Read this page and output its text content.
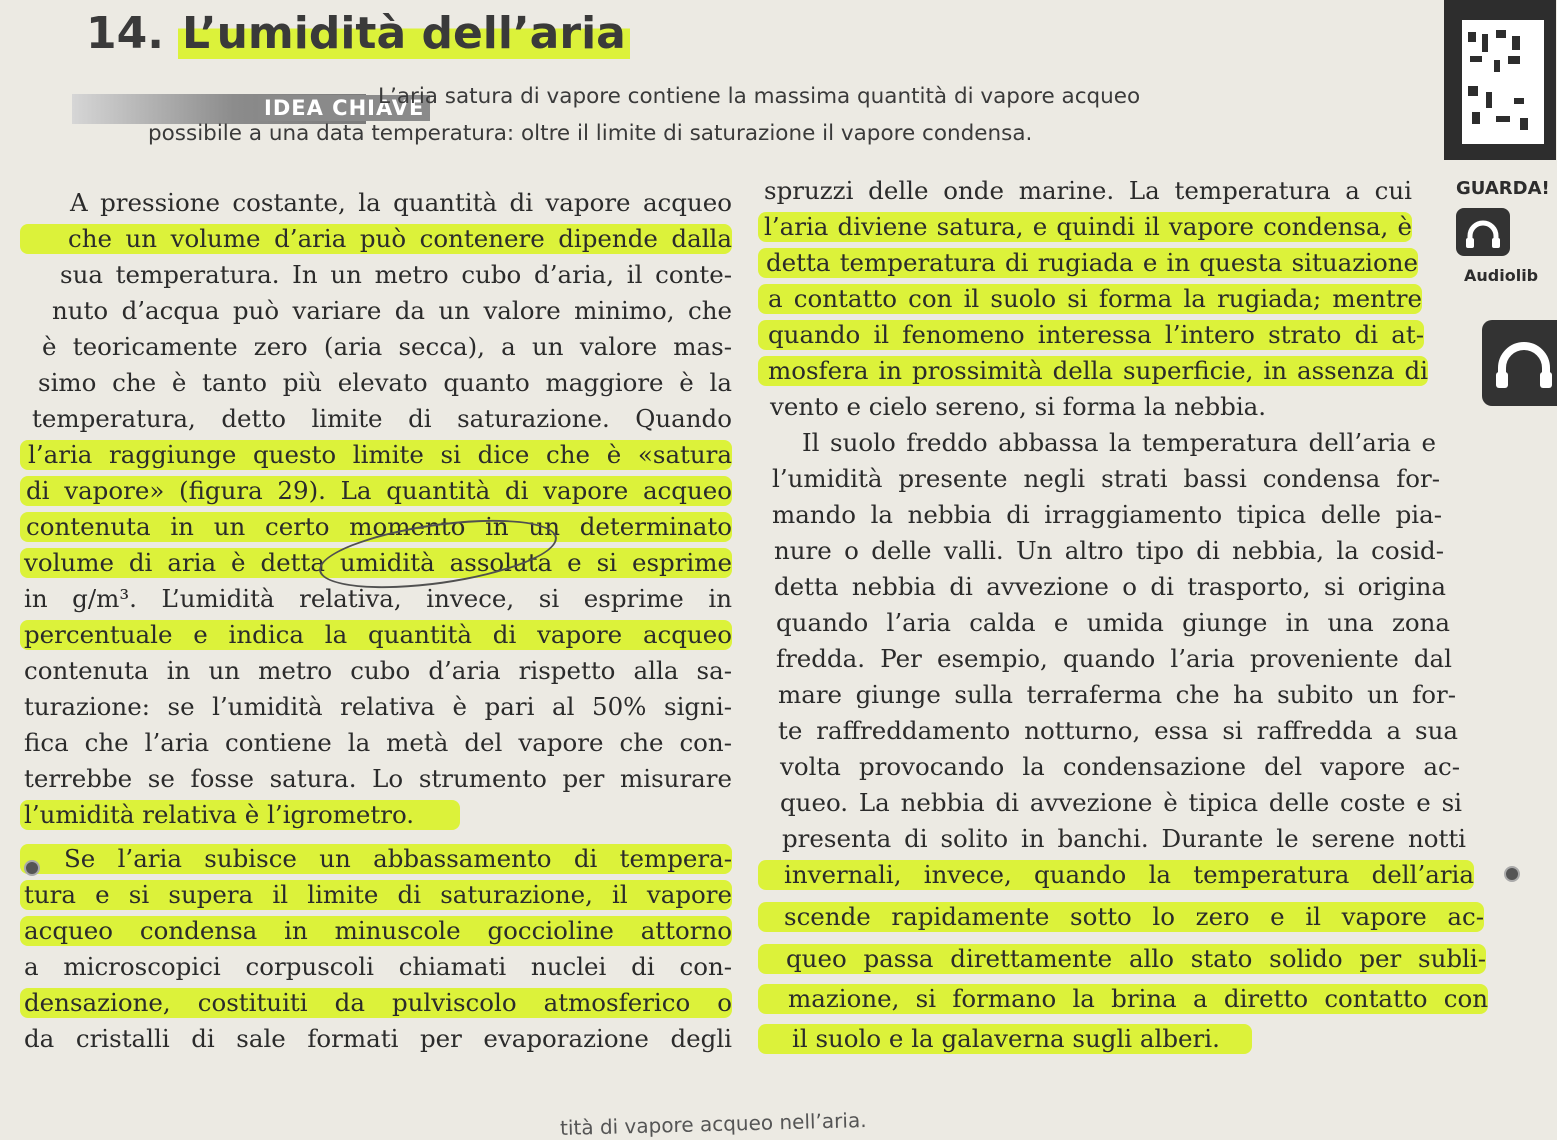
14. L’umidità dell’aria
IDEA CHIAVE
L’aria satura di vapore contiene la massima quantità di vapore acqueo
possibile a una data temperatura: oltre il limite di saturazione il vapore condensa.
GUARDA!
Audiolib
A pressione costante, la quantità di vapore acqueo
che un volume d’aria può contenere dipende dalla
sua temperatura. In un metro cubo d’aria, il conte-
nuto d’acqua può variare da un valore minimo, che
è teoricamente zero (aria secca), a un valore mas-
simo che è tanto più elevato quanto maggiore è la
temperatura, detto limite di saturazione. Quando
l’aria raggiunge questo limite si dice che è «satura
di vapore» (figura 29). La quantità di vapore acqueo
contenuta in un certo momento in un determinato
volume di aria è detta umidità assoluta e si esprime
in g/m³. L’umidità relativa, invece, si esprime in
percentuale e indica la quantità di vapore acqueo
contenuta in un metro cubo d’aria rispetto alla sa-
turazione: se l’umidità relativa è pari al 50% signi-
fica che l’aria contiene la metà del vapore che con-
terrebbe se fosse satura. Lo strumento per misurare
l’umidità relativa è l’igrometro.
Se l’aria subisce un abbassamento di tempera-
tura e si supera il limite di saturazione, il vapore
acqueo condensa in minuscole goccioline attorno
a microscopici corpuscoli chiamati nuclei di con-
densazione, costituiti da pulviscolo atmosferico o
da cristalli di sale formati per evaporazione degli
spruzzi delle onde marine. La temperatura a cui
l’aria diviene satura, e quindi il vapore condensa, è
detta temperatura di rugiada e in questa situazione
a contatto con il suolo si forma la rugiada; mentre
quando il fenomeno interessa l’intero strato di at-
mosfera in prossimità della superficie, in assenza di
vento e cielo sereno, si forma la nebbia.
Il suolo freddo abbassa la temperatura dell’aria e
l’umidità presente negli strati bassi condensa for-
mando la nebbia di irraggiamento tipica delle pia-
nure o delle valli. Un altro tipo di nebbia, la cosid-
detta nebbia di avvezione o di trasporto, si origina
quando l’aria calda e umida giunge in una zona
fredda. Per esempio, quando l’aria proveniente dal
mare giunge sulla terraferma che ha subito un for-
te raffreddamento notturno, essa si raffredda a sua
volta provocando la condensazione del vapore ac-
queo. La nebbia di avvezione è tipica delle coste e si
presenta di solito in banchi. Durante le serene notti
invernali, invece, quando la temperatura dell’aria
scende rapidamente sotto lo zero e il vapore ac-
queo passa direttamente allo stato solido per subli-
mazione, si formano la brina a diretto contatto con
il suolo e la galaverna sugli alberi.
tità di vapore acqueo nell’aria.
